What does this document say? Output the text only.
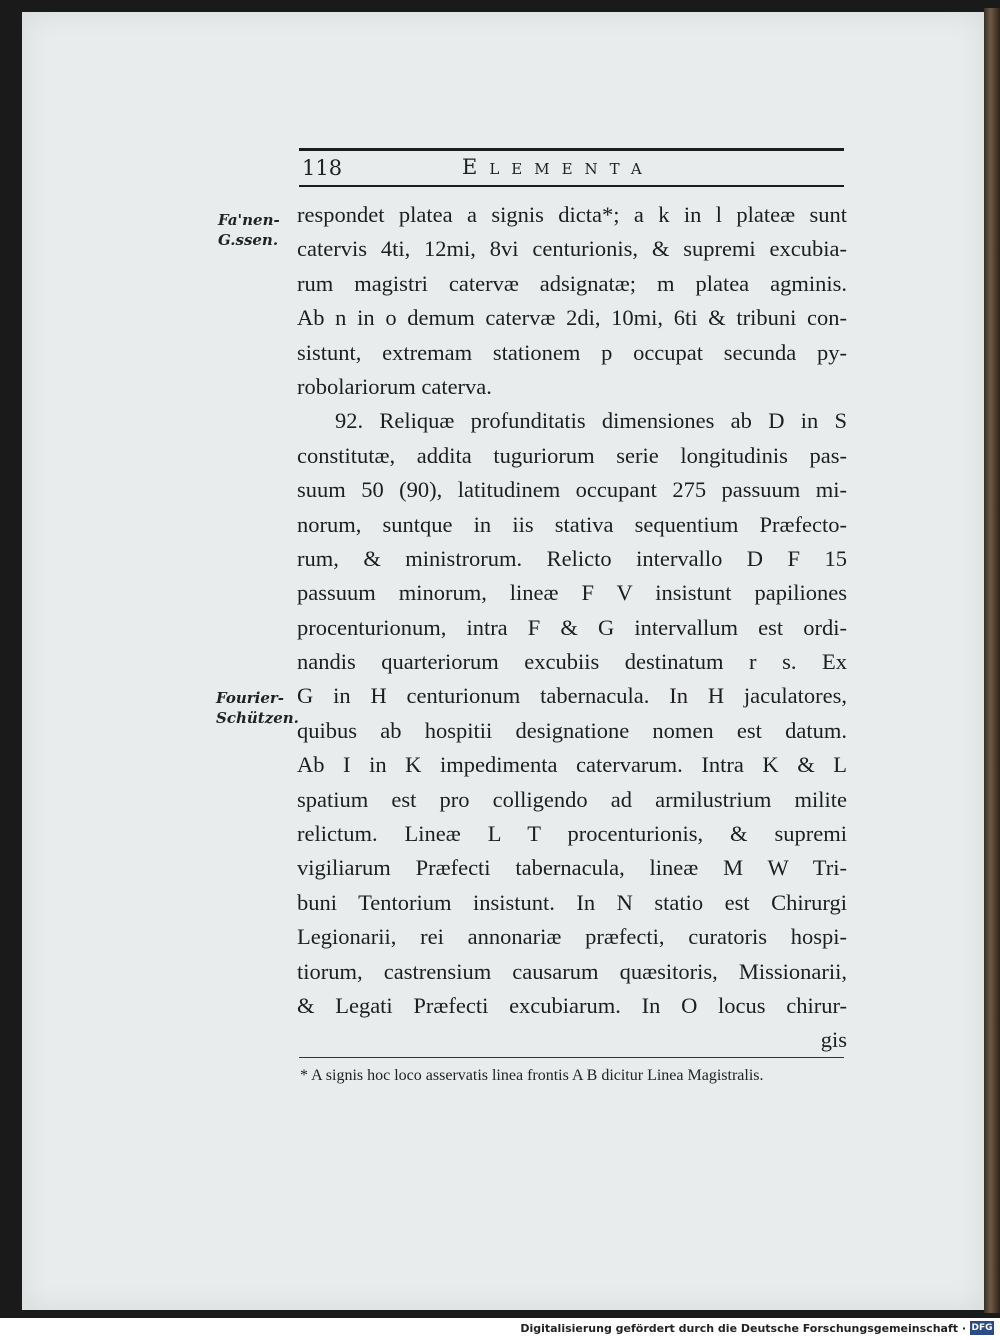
118	Elementa
Fa'nen-
G.ssen.
Fourier-
Schützen.
respondet platea a signis dicta*; a k in l plateæ sunt
catervis 4ti, 12mi, 8vi centurionis, & supremi excubia-
rum magistri catervæ adsignatæ; m platea agminis.
Ab n in o demum catervæ 2di, 10mi, 6ti & tribuni con-
sistunt, extremam stationem p occupat secunda py-
robolariorum caterva.
92. Reliquæ profunditatis dimensiones ab D in S
constitutæ, addita tuguriorum serie longitudinis pas-
suum 50 (90), latitudinem occupant 275 passuum mi-
norum, suntque in iis stativa sequentium Præfecto-
rum, & ministrorum. Relicto intervallo D F 15
passuum minorum, lineæ F V insistunt papiliones
procenturionum, intra F & G intervallum est ordi-
nandis quarteriorum excubiis destinatum r s. Ex
G in H centurionum tabernacula. In H jaculatores,
quibus ab hospitii designatione nomen est datum.
Ab I in K impedimenta catervarum. Intra K & L
spatium est pro colligendo ad armilustrium milite
relictum. Lineæ L T procenturionis, & supremi
vigiliarum Præfecti tabernacula, lineæ M W Tri-
buni Tentorium insistunt. In N statio est Chirurgi
Legionarii, rei annonariæ præfecti, curatoris hospi-
tiorum, castrensium causarum quæsitoris, Missionarii,
& Legati Præfecti excubiarum. In O locus chirur-
gis
* A signis hoc loco asservatis linea frontis A B dicitur Linea Magistralis.
Digitalisierung gefördert durch die Deutsche Forschungsgemeinschaft · DFG
